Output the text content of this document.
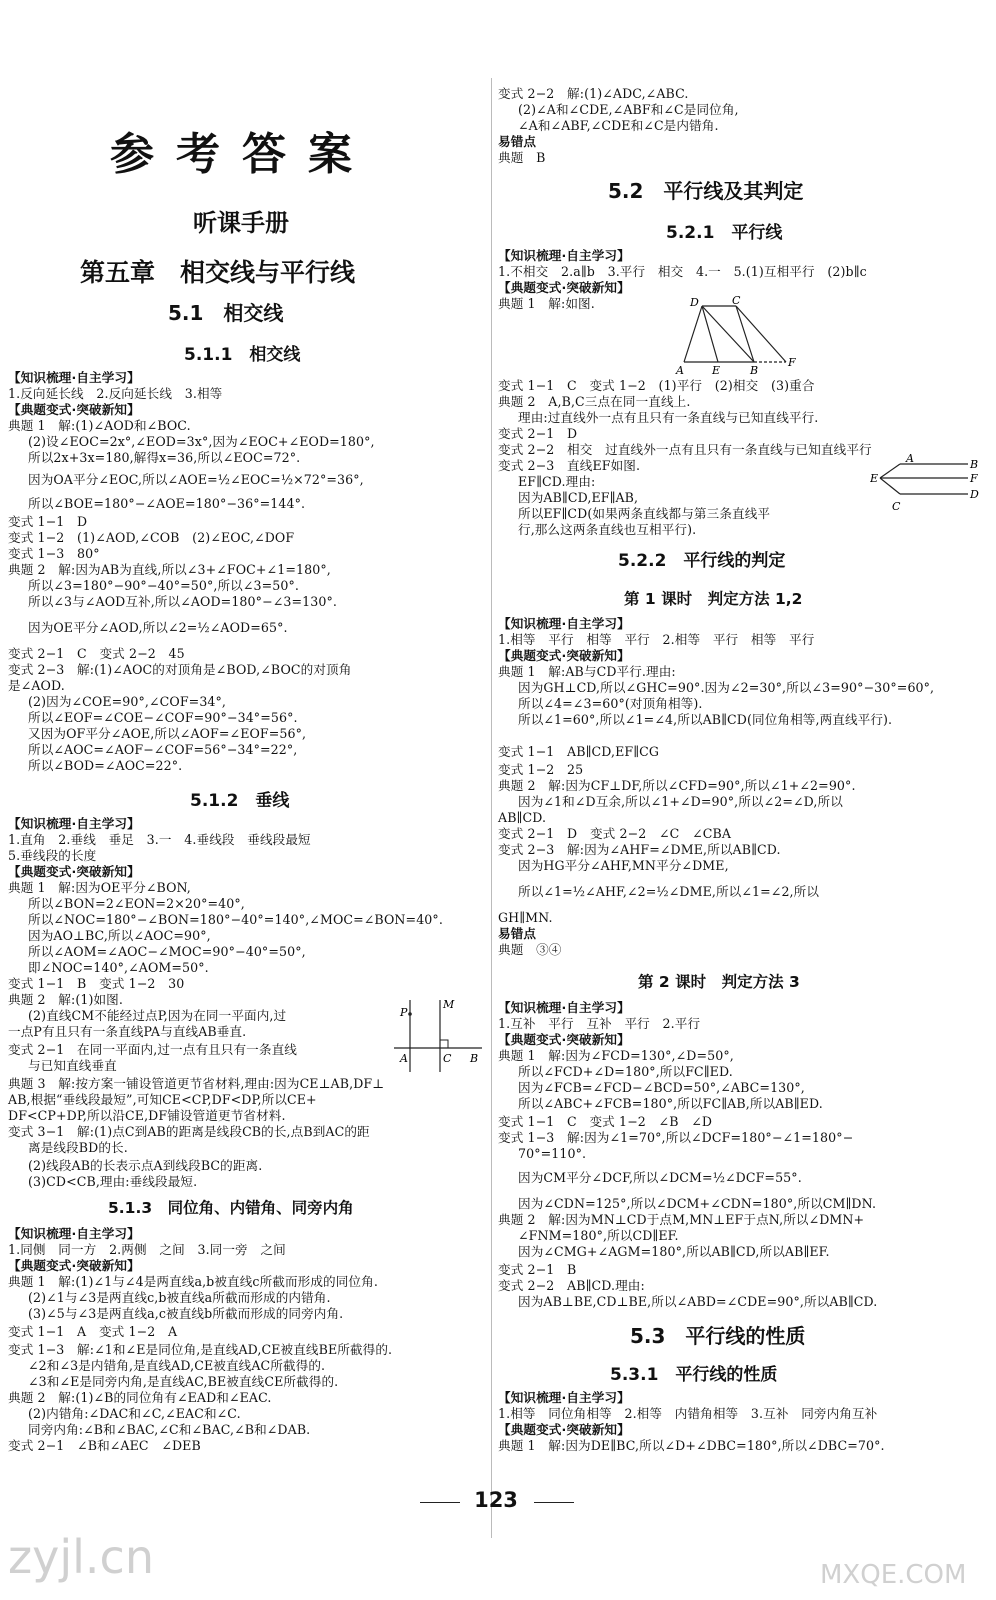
参考答案
听课手册
第五章　相交线与平行线
5.1　相交线
5.1.1　相交线
【知识梳理·自主学习】
1.反向延长线　2.反向延长线　3.相等
【典题变式·突破新知】
典题 1　解:(1)∠AOD和∠BOC.
(2)设∠EOC=2x°,∠EOD=3x°,因为∠EOC+∠EOD=180°,
所以2x+3x=180,解得x=36,所以∠EOC=72°.
因为OA平分∠EOC,所以∠AOE=½∠EOC=½×72°=36°,
所以∠BOE=180°−∠AOE=180°−36°=144°.
变式 1−1　D
变式 1−2　(1)∠AOD,∠COB　(2)∠EOC,∠DOF
变式 1−3　80°
典题 2　解:因为AB为直线,所以∠3+∠FOC+∠1=180°,
所以∠3=180°−90°−40°=50°,所以∠3=50°.
所以∠3与∠AOD互补,所以∠AOD=180°−∠3=130°.
因为OE平分∠AOD,所以∠2=½∠AOD=65°.
变式 2−1　C　变式 2−2　45
变式 2−3　解:(1)∠AOC的对顶角是∠BOD,∠BOC的对顶角
是∠AOD.
(2)因为∠COE=90°,∠COF=34°,
所以∠EOF=∠COE−∠COF=90°−34°=56°.
又因为OF平分∠AOE,所以∠AOF=∠EOF=56°,
所以∠AOC=∠AOF−∠COF=56°−34°=22°,
所以∠BOD=∠AOC=22°.
5.1.2　垂线
【知识梳理·自主学习】
1.直角　2.垂线　垂足　3.一　4.垂线段　垂线段最短
5.垂线段的长度
【典题变式·突破新知】
典题 1　解:因为OE平分∠BON,
所以∠BON=2∠EON=2×20°=40°,
所以∠NOC=180°−∠BON=180°−40°=140°,∠MOC=∠BON=40°.
因为AO⊥BC,所以∠AOC=90°,
所以∠AOM=∠AOC−∠MOC=90°−40°=50°,
即∠NOC=140°,∠AOM=50°.
变式 1−1　B　变式 1−2　30
典题 2　解:(1)如图.
(2)直线CM不能经过点P,因为在同一平面内,过
一点P有且只有一条直线PA与直线AB垂直.
变式 2−1　在同一平面内,过一点有且只有一条直线
与已知直线垂直
典题 3　解:按方案一铺设管道更节省材料,理由:因为CE⊥AB,DF⊥
AB,根据“垂线段最短”,可知CE<CP,DF<DP,所以CE+
DF<CP+DP,所以沿CE,DF铺设管道更节省材料.
变式 3−1　解:(1)点C到AB的距离是线段CB的长,点B到AC的距
离是线段BD的长.
(2)线段AB的长表示点A到线段BC的距离.
(3)CD<CB,理由:垂线段最短.
P
M
A	C B
5.1.3　同位角、内错角、同旁内角
【知识梳理·自主学习】
1.同侧　同一方　2.两侧　之间　3.同一旁　之间
【典题变式·突破新知】
典题 1　解:(1)∠1与∠4是两直线a,b被直线c所截而形成的同位角.
(2)∠1与∠3是两直线c,b被直线a所截而形成的内错角.
(3)∠5与∠3是两直线a,c被直线b所截而形成的同旁内角.
变式 1−1　A　变式 1−2　A
变式 1−3　解:∠1和∠E是同位角,是直线AD,CE被直线BE所截得的.
∠2和∠3是内错角,是直线AD,CE被直线AC所截得的.
∠3和∠E是同旁内角,是直线AC,BE被直线CE所截得的.
典题 2　解:(1)∠B的同位角有∠EAD和∠EAC.
(2)内错角:∠DAC和∠C,∠EAC和∠C.
同旁内角:∠B和∠BAC,∠C和∠BAC,∠B和∠DAB.
变式 2−1　∠B和∠AEC　∠DEB
变式 2−2　解:(1)∠ADC,∠ABC.
(2)∠A和∠CDE,∠ABF和∠C是同位角,
∠A和∠ABF,∠CDE和∠C是内错角.
易错点
典题　B
5.2　平行线及其判定
5.2.1　平行线
【知识梳理·自主学习】
1.不相交　2.a∥b　3.平行　相交　4.一　5.(1)互相平行　(2)b∥c
【典题变式·突破新知】
典题 1　解:如图.	D	C
A	E	B
F
变式 1−1　C　变式 1−2　(1)平行　(2)相交　(3)重合
典题 2　A,B,C三点在同一直线上.
理由:过直线外一点有且只有一条直线与已知直线平行.
变式 2−1　D
变式 2−2　相交　过直线外一点有且只有一条直线与已知直线平行
变式 2−3　直线EF如图.
EF∥CD.理由:
因为AB∥CD,EF∥AB,
所以EF∥CD(如果两条直线都与第三条直线平
行,那么这两条直线也互相平行).
A	B
E	F
D
C
5.2.2　平行线的判定
第 1 课时　判定方法 1,2
【知识梳理·自主学习】
1.相等　平行　相等　平行　2.相等　平行　相等　平行
【典题变式·突破新知】
典题 1　解:AB与CD平行.理由:
因为GH⊥CD,所以∠GHC=90°.因为∠2=30°,所以∠3=90°−30°=60°,
所以∠4=∠3=60°(对顶角相等).
所以∠1=60°,所以∠1=∠4,所以AB∥CD(同位角相等,两直线平行).
变式 1−1　AB∥CD,EF∥CG
变式 1−2　25
典题 2　解:因为CF⊥DF,所以∠CFD=90°,所以∠1+∠2=90°.
因为∠1和∠D互余,所以∠1+∠D=90°,所以∠2=∠D,所以
AB∥CD.
变式 2−1　D　变式 2−2　∠C　∠CBA
变式 2−3　解:因为∠AHF=∠DME,所以AB∥CD.
因为HG平分∠AHF,MN平分∠DME,
所以∠1=½∠AHF,∠2=½∠DME,所以∠1=∠2,所以
GH∥MN.
易错点
典题　③④
第 2 课时　判定方法 3
【知识梳理·自主学习】
1.互补　平行　互补　平行　2.平行
【典题变式·突破新知】
典题 1　解:因为∠FCD=130°,∠D=50°,
所以∠FCD+∠D=180°,所以FC∥ED.
因为∠FCB=∠FCD−∠BCD=50°,∠ABC=130°,
所以∠ABC+∠FCB=180°,所以FC∥AB,所以AB∥ED.
变式 1−1　C　变式 1−2　∠B　∠D
变式 1−3　解:因为∠1=70°,所以∠DCF=180°−∠1=180°−
70°=110°.
因为CM平分∠DCF,所以∠DCM=½∠DCF=55°.
因为∠CDN=125°,所以∠DCM+∠CDN=180°,所以CM∥DN.
典题 2　解:因为MN⊥CD于点M,MN⊥EF于点N,所以∠DMN+
∠FNM=180°,所以CD∥EF.
因为∠CMG+∠AGM=180°,所以AB∥CD,所以AB∥EF.
变式 2−1　B
变式 2−2　AB∥CD.理由:
因为AB⊥BE,CD⊥BE,所以∠ABD=∠CDE=90°,所以AB∥CD.
5.3　平行线的性质
5.3.1　平行线的性质
【知识梳理·自主学习】
1.相等　同位角相等　2.相等　内错角相等　3.互补　同旁内角互补
【典题变式·突破新知】
典题 1　解:因为DE∥BC,所以∠D+∠DBC=180°,所以∠DBC=70°.
123
zyjl.cn	MXQE.COM
